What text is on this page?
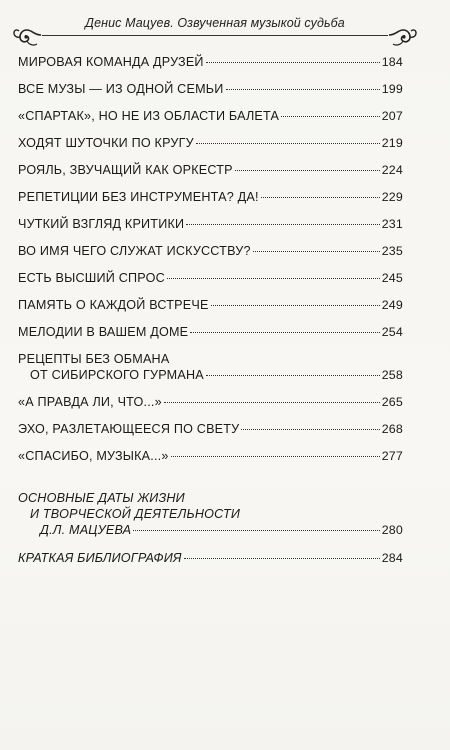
Денис Мацуев. Озвученная музыкой судьба
МИРОВАЯ КОМАНДА ДРУЗЕЙ	184
ВСЕ МУЗЫ — ИЗ ОДНОЙ СЕМЬИ	199
«СПАРТАК», НО НЕ ИЗ ОБЛАСТИ БАЛЕТА	207
ХОДЯТ ШУТОЧКИ ПО КРУГУ	219
РОЯЛЬ, ЗВУЧАЩИЙ КАК ОРКЕСТР	224
РЕПЕТИЦИИ БЕЗ ИНСТРУМЕНТА? ДА!	229
ЧУТКИЙ ВЗГЛЯД КРИТИКИ	231
ВО ИМЯ ЧЕГО СЛУЖАТ ИСКУССТВУ?	235
ЕСТЬ ВЫСШИЙ СПРОС	245
ПАМЯТЬ О КАЖДОЙ ВСТРЕЧЕ	249
МЕЛОДИИ В ВАШЕМ ДОМЕ	254
РЕЦЕПТЫ БЕЗ ОБМАНА
ОТ СИБИРСКОГО ГУРМАНА	258
«А ПРАВДА ЛИ, ЧТО...»	265
ЭХО, РАЗЛЕТАЮЩЕЕСЯ ПО СВЕТУ	268
«СПАСИБО, МУЗЫКА...»	277
ОСНОВНЫЕ ДАТЫ ЖИЗНИ
И ТВОРЧЕСКОЙ ДЕЯТЕЛЬНОСТИ
Д.Л. МАЦУЕВА	280
КРАТКАЯ БИБЛИОГРАФИЯ	284
